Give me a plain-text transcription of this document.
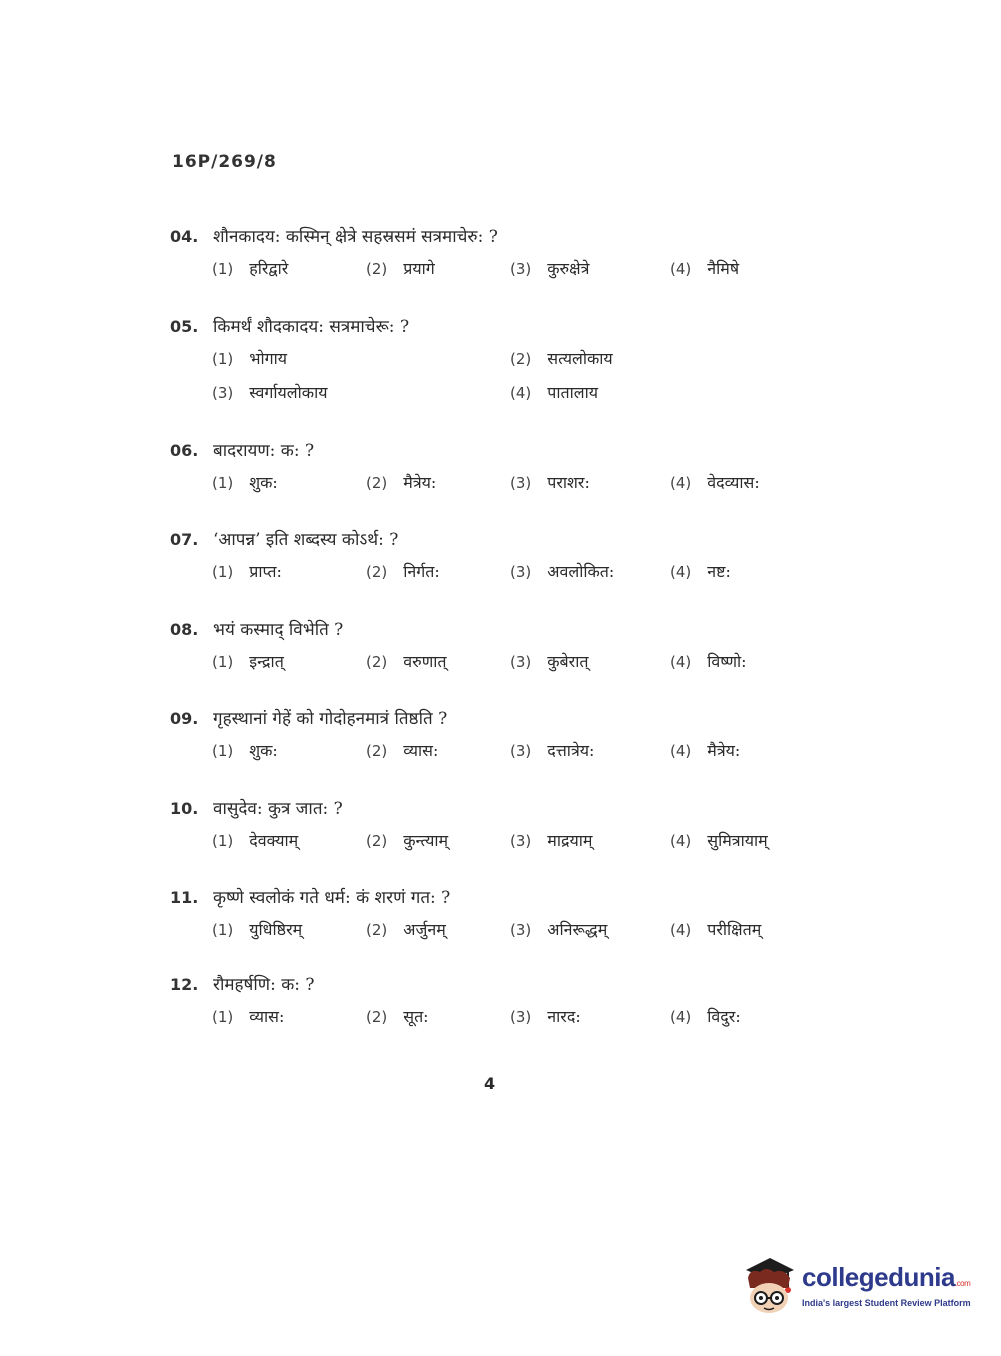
16P/269/8
04. शौनकादय: कस्मिन् क्षेत्रे सहस्रसमं सत्रमाचेरु: ?
(1) हरिद्वारे	(2) प्रयागे	(3) कुरुक्षेत्रे	(4) नैमिषे
05. किमर्थं शौदकादय: सत्रमाचेरू: ?
(1) भोगाय	(2) सत्यलोकाय
(3) स्वर्गायलोकाय	(4) पातालाय
06. बादरायण: क: ?
(1) शुक:	(2) मैत्रेय:	(3) पराशर:	(4) वेदव्यास:
07. ‘आपन्न’ इति शब्दस्य कोऽर्थ: ?
(1) प्राप्त:	(2) निर्गत:	(3) अवलोकित:	(4) नष्ट:
08. भयं कस्माद् विभेति ?
(1) इन्द्रात्	(2) वरुणात्	(3) कुबेरात्	(4) विष्णो:
09. गृहस्थानां गेहें को गोदोहनमात्रं तिष्ठति ?
(1) शुक:	(2) व्यास:	(3) दत्तात्रेय:	(4) मैत्रेय:
10. वासुदेव: कुत्र जात: ?
(1) देवक्याम्	(2) कुन्त्याम्	(3) माद्रयाम्	(4) सुमित्रायाम्
11. कृष्णे स्वलोकं गते धर्म: कं शरणं गत: ?
(1) युधिष्ठिरम्	(2) अर्जुनम्	(3) अनिरूद्धम्	(4) परीक्षितम्
12. रौमहर्षणि: क: ?
(1) व्यास:	(2) सूत:	(3) नारद:	(4) विदुर:
4
collegedunia.com
India's largest Student Review Platform
